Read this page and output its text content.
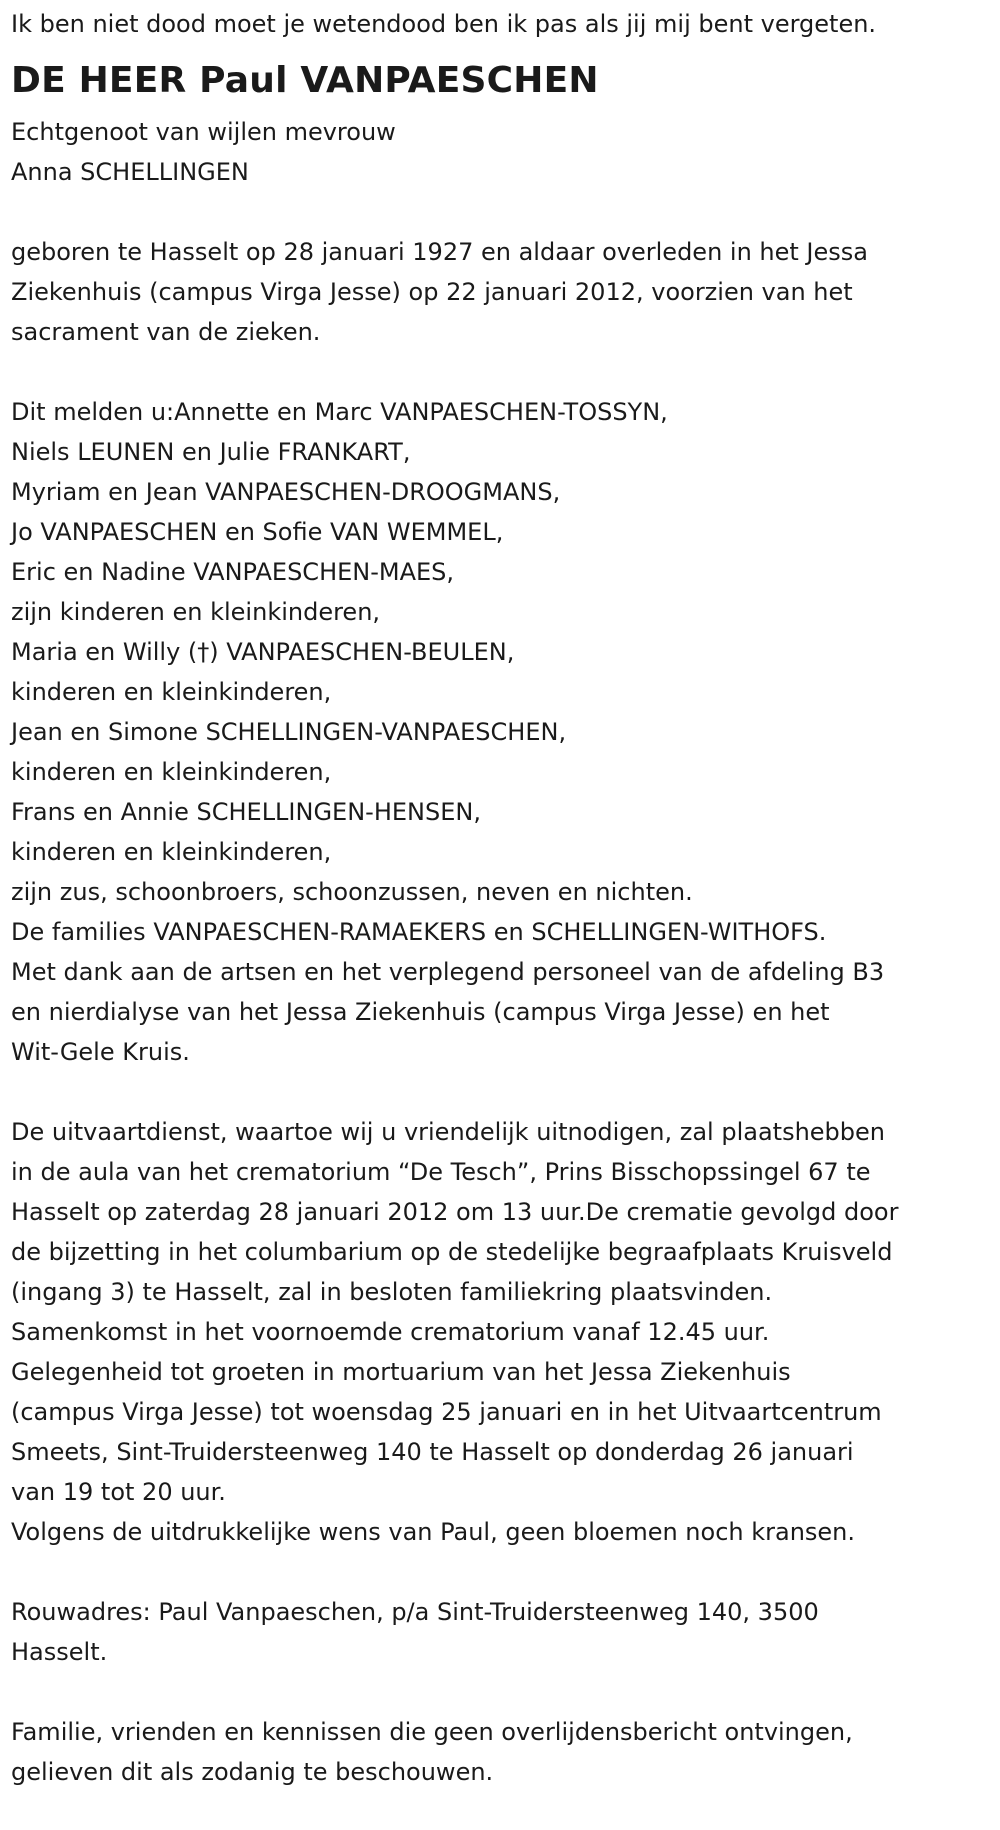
Ik ben niet dood moet je wetendood ben ik pas als jij mij bent vergeten.
DE HEER Paul VANPAESCHEN
Echtgenoot van wijlen mevrouw
Anna SCHELLINGEN
geboren te Hasselt op 28 januari 1927 en aldaar overleden in het Jessa
Ziekenhuis (campus Virga Jesse) op 22 januari 2012, voorzien van het
sacrament van de zieken.
Dit melden u:Annette en Marc VANPAESCHEN-TOSSYN,
Niels LEUNEN en Julie FRANKART,
Myriam en Jean VANPAESCHEN-DROOGMANS,
Jo VANPAESCHEN en Sofie VAN WEMMEL,
Eric en Nadine VANPAESCHEN-MAES,
zijn kinderen en kleinkinderen,
Maria en Willy (†) VANPAESCHEN-BEULEN,
kinderen en kleinkinderen,
Jean en Simone SCHELLINGEN-VANPAESCHEN,
kinderen en kleinkinderen,
Frans en Annie SCHELLINGEN-HENSEN,
kinderen en kleinkinderen,
zijn zus, schoonbroers, schoonzussen, neven en nichten.
De families VANPAESCHEN-RAMAEKERS en SCHELLINGEN-WITHOFS.
Met dank aan de artsen en het verplegend personeel van de afdeling B3
en nierdialyse van het Jessa Ziekenhuis (campus Virga Jesse) en het
Wit-Gele Kruis.
De uitvaartdienst, waartoe wij u vriendelijk uitnodigen, zal plaatshebben
in de aula van het crematorium “De Tesch”, Prins Bisschopssingel 67 te
Hasselt op zaterdag 28 januari 2012 om 13 uur.De crematie gevolgd door
de bijzetting in het columbarium op de stedelijke begraafplaats Kruisveld
(ingang 3) te Hasselt, zal in besloten familiekring plaatsvinden.
Samenkomst in het voornoemde crematorium vanaf 12.45 uur.
Gelegenheid tot groeten in mortuarium van het Jessa Ziekenhuis
(campus Virga Jesse) tot woensdag 25 januari en in het Uitvaartcentrum
Smeets, Sint-Truidersteenweg 140 te Hasselt op donderdag 26 januari
van 19 tot 20 uur.
Volgens de uitdrukkelijke wens van Paul, geen bloemen noch kransen.
Rouwadres: Paul Vanpaeschen, p/a Sint-Truidersteenweg 140, 3500
Hasselt.
Familie, vrienden en kennissen die geen overlijdensbericht ontvingen,
gelieven dit als zodanig te beschouwen.
